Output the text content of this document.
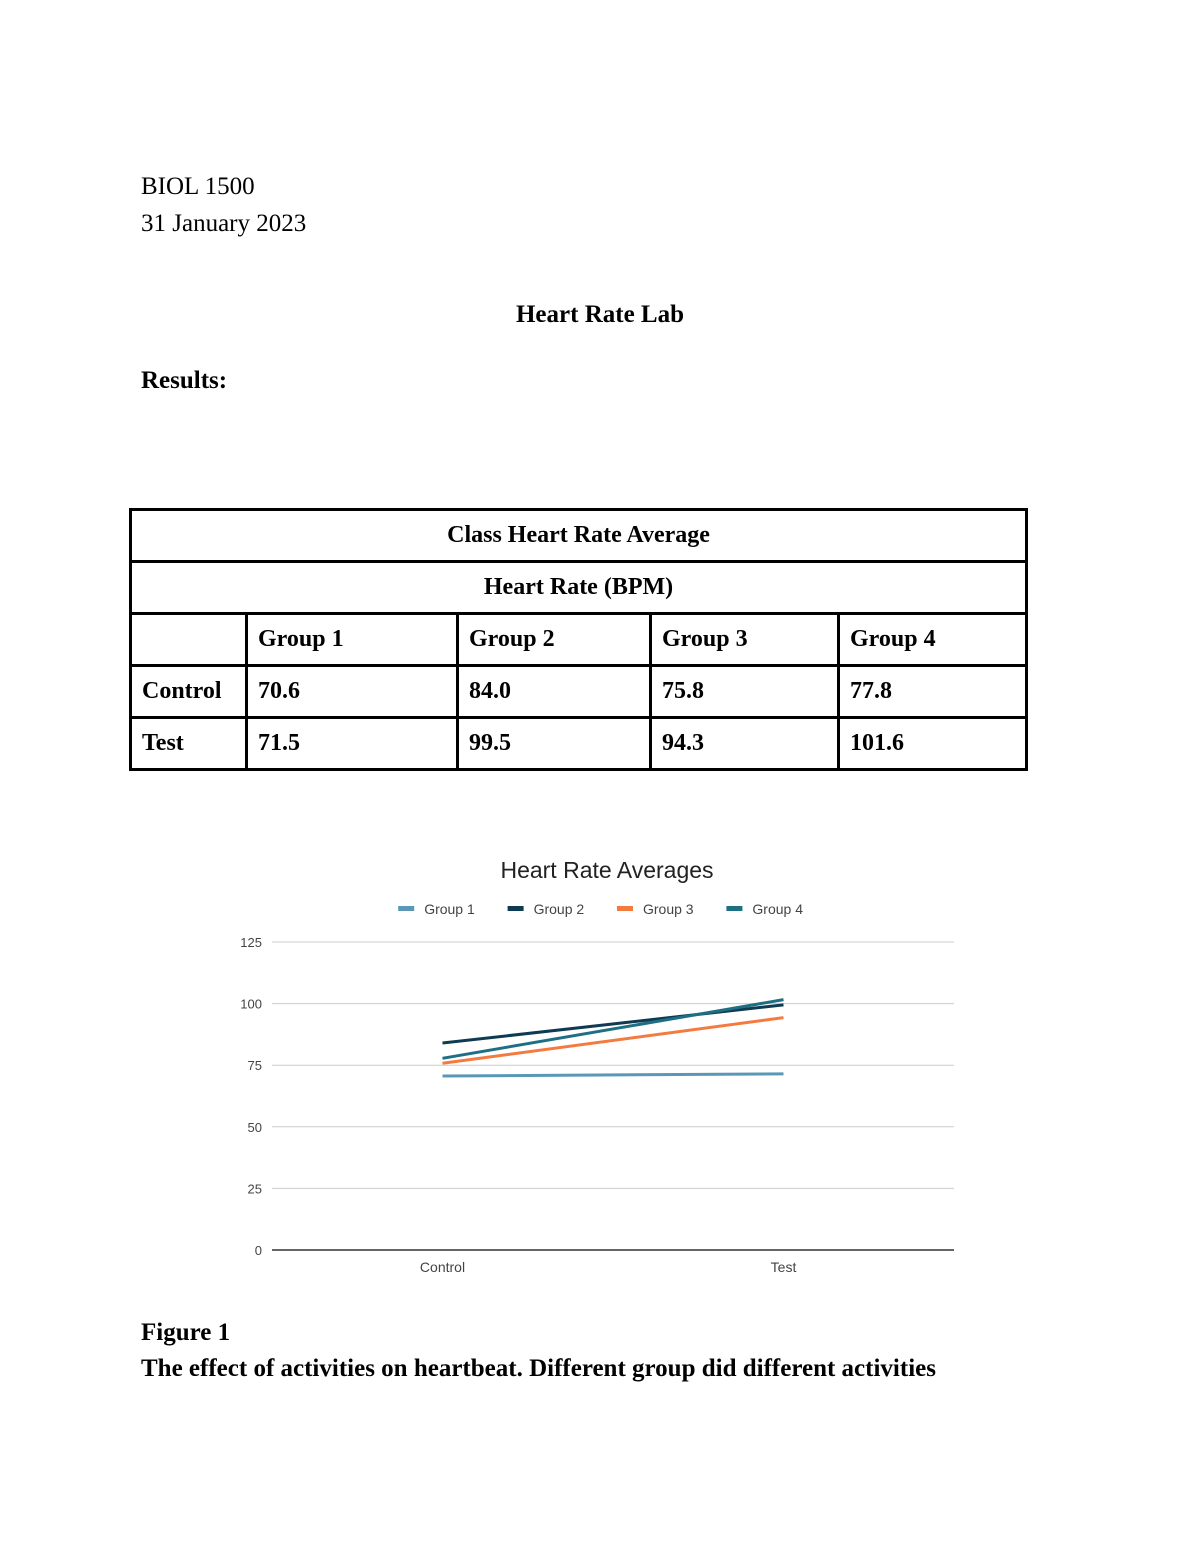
BIOL 1500
31 January 2023
Heart Rate Lab
Results:
Class Heart Rate Average				
Heart Rate (BPM)				
	Group 1	Group 2	Group 3	Group 4
Control	70.6	84.0	75.8	77.8
Test	71.5	99.5	94.3	101.6
Heart Rate Averages
Group 1	Group 2	Group 3	Group 4
0
25
50
75
100
125
Control	Test
Figure 1
The effect of activities on heartbeat. Different group did different activities
